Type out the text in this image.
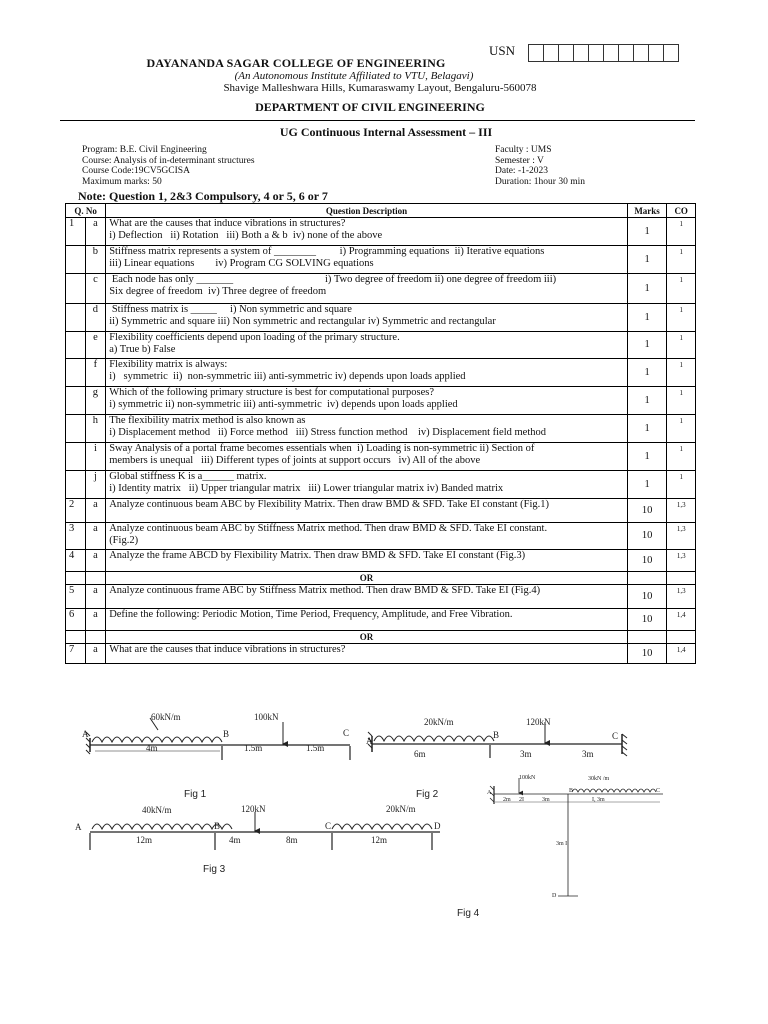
USN
DAYANANDA SAGAR COLLEGE OF ENGINEERING
(An Autonomous Institute Affiliated to VTU, Belagavi)
Shavige Malleshwara Hills, Kumaraswamy Layout, Bengaluru-560078
DEPARTMENT OF CIVIL ENGINEERING
UG Continuous Internal Assessment – III
Program: B.E. Civil Engineering
Course: Analysis of in-determinant structures
Course Code:19CV5GCISA
Maximum marks: 50
Faculty : UMS
Semester : V
Date: -1-2023
Duration: 1hour 30 min
Note: Question 1, 2&3 Compulsory, 4 or 5, 6 or 7
Q. No		Question Description	Marks	CO
1	a	What are the causes that induce vibrations in structures?
i) Deflection   ii) Rotation   iii) Both a & b  iv) none of the above	1	1
	b	Stiffness matrix represents a system of ________         i) Programming equations  ii) Iterative equations
iii) Linear equations        iv) Program CG SOLVING equations	1	1
	c	Each node has only _______                                   i) Two degree of freedom ii) one degree of freedom iii)
Six degree of freedom  iv) Three degree of freedom	1	1
	d	Stiffness matrix is _____     i) Non symmetric and square
ii) Symmetric and square iii) Non symmetric and rectangular iv) Symmetric and rectangular	1	1
	e	Flexibility coefficients depend upon loading of the primary structure.
a) True b) False	1	1
	f	Flexibility matrix is always:
i)   symmetric  ii)  non-symmetric iii) anti-symmetric iv) depends upon loads applied	1	1
	g	Which of the following primary structure is best for computational purposes?
i) symmetric ii) non-symmetric iii) anti-symmetric  iv) depends upon loads applied	1	1
	h	The flexibility matrix method is also known as
i) Displacement method   ii) Force method   iii) Stress function method    iv) Displacement field method	1	1
	i	Sway Analysis of a portal frame becomes essentials when  i) Loading is non-symmetric ii) Section of
members is unequal   iii) Different types of joints at support occurs   iv) All of the above	1	1
	j	Global stiffness K is a______ matrix.
i) Identity matrix   ii) Upper triangular matrix   iii) Lower triangular matrix iv) Banded matrix	1	1
2	a	Analyze continuous beam ABC by Flexibility Matrix. Then draw BMD & SFD. Take EI constant (Fig.1)	10	1,3
3	a	Analyze continuous beam ABC by Stiffness Matrix method. Then draw BMD & SFD. Take EI constant.
(Fig.2)	10	1,3
4	a	Analyze the frame ABCD by Flexibility Matrix. Then draw BMD & SFD. Take EI constant (Fig.3)	10	1,3
		OR		
5	a	Analyze continuous frame ABC by Stiffness Matrix method. Then draw BMD & SFD. Take EI (Fig.4)	10	1,3
6	a	Define the following: Periodic Motion, Time Period, Frequency, Amplitude, and Free Vibration.	10	1,4
		OR		
7	a	What are the causes that induce vibrations in structures?	10	1,4
60kN/m	100kN
A	B	C
4m	1.5m	1.5m
Fig 1
20kN/m	120kN
A
B	C
6m	3m	3m
Fig 2
40kN/m	120kN	20kN/m
A	B	C	D
12m	4m	8m	12m
Fig 3
100kN	30kN /m
A	B	C
D
2m 2I	3m	I, 3m
3m I
Fig 4
